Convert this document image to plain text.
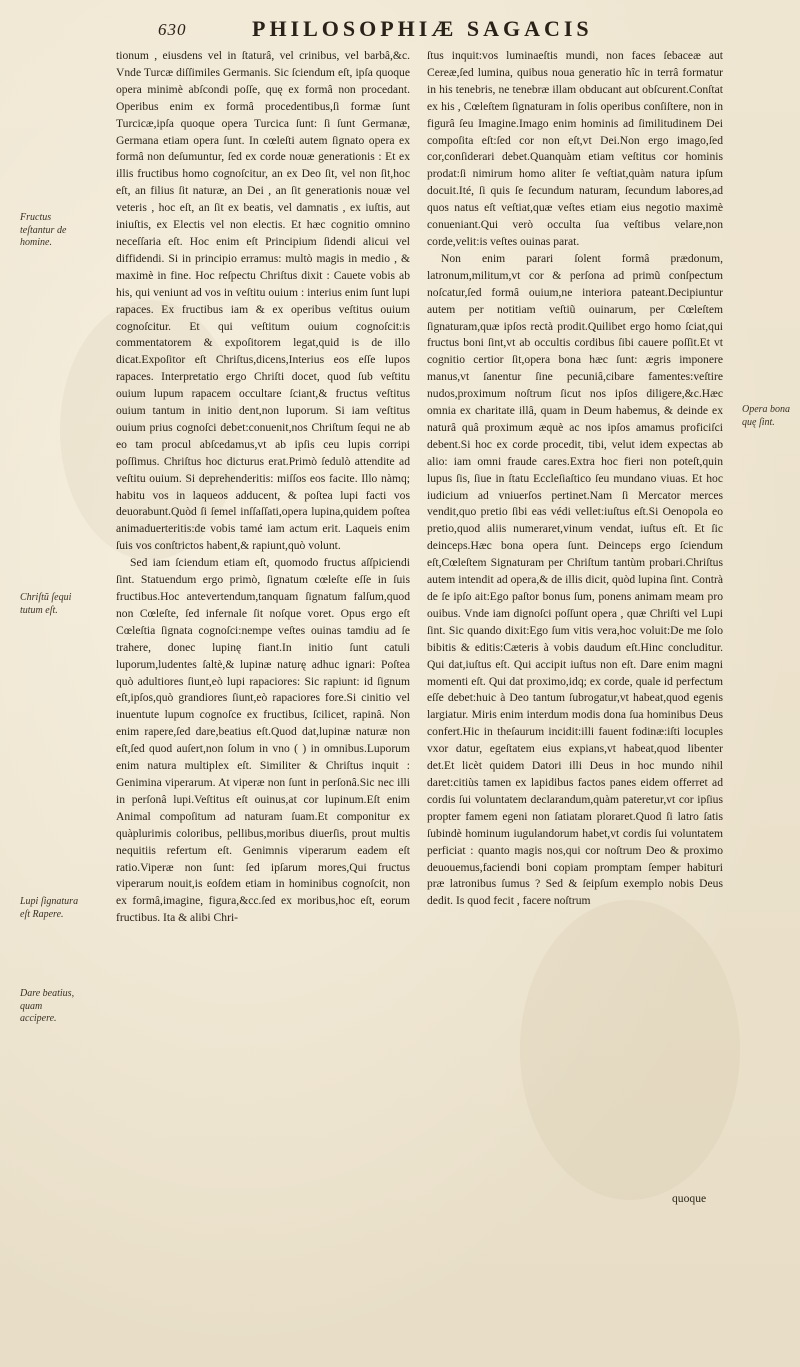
630	PHILOSOPHIÆ SAGACIS

tionum , eiusdens vel in ſtaturâ, vel crinibus, vel barbâ,&c. Vnde Turcæ diſſimiles Germanis. Sic ſciendum eſt, ipſa quoque opera minimè abſcondi poſſe, quę ex formâ non procedant. Operibus enim ex formâ procedentibus,ſi formæ ſunt Turcicæ,ipſa quoque opera Turcica ſunt: ſi ſunt Germanæ, Germana etiam opera ſunt. In cœleſti autem ſignato opera ex formâ non deſumuntur, ſed ex corde nouæ generationis : Et ex illis fructibus homo cognoſcitur, an ex Deo ſit, vel non ſit,hoc eſt, an filius ſit naturæ, an Dei , an ſit generationis nouæ vel veteris , hoc eſt, an ſit ex beatis, vel damnatis , ex iuſtis, aut iniuſtis, ex Electis vel non electis. Et hæc cognitio omnino neceſſaria eſt. Hoc enim eſt Principium ſidendi alicui vel diffidendi. Si in principio erramus: multò magis in medio , & maximè in fine. Hoc reſpectu Chriſtus dixit : Cauete vobis ab his, qui veniunt ad vos in veſtitu ouium : interius enim ſunt lupi rapaces. Ex fructibus iam & ex operibus veſtitus ouium cognoſcitur. Et qui veſtitum ouium cognoſcit:is commentatorem & expoſitorem legat,quid is de illo dicat.Expoſitor eſt Chriſtus,dicens,Interius eos eſſe lupos rapaces. Interpretatio ergo Chriſti docet, quod ſub veſtitu ouium lupum rapacem occultare ſciant,& fructus veſtitus ouium tantum in initio dent,non luporum. Si iam veſtitus ouium prius cognoſci debet:conuenit,nos Chriſtum ſequi ne ab eo tam procul abſcedamus,vt ab ipſis ceu lupis corripi poſſimus. Chriſtus hoc dicturus erat.Primò ſedulò attendite ad veſtitu ouium. Si deprehenderitis: miſſos eos facite. Illo nàmq; habitu vos in laqueos adducent, & poſtea lupi facti vos deuorabunt.Quòd ſi ſemel inſſaſſati,opera lupina,quidem poſtea animaduerteritis:de vobis tamé iam actum erit. Laqueis enim ſuis vos conſtrictos habent,& rapiunt,quò volunt.

Sed iam ſciendum etiam eſt, quomodo fructus aſſpiciendi ſint. Statuendum ergo primò, ſignatum cœleſte eſſe in ſuis fructibus.Hoc antevertendum,tanquam ſignatum falſum,quod non Cœleſte, ſed infernale ſit noſque voret. Opus ergo eſt Cœleſtia ſignata cognoſci:nempe veſtes ouinas tamdiu ad ſe trahere, donec lupinę fiant.In initio ſunt catuli luporum,ludentes ſaltè,& lupinæ naturę adhuc ignari: Poſtea quò adultiores ſiunt,eò lupi rapaciores: Sic rapiunt: id ſignum eſt,ipſos,quò grandiores ſiunt,eò rapaciores fore.Si cinitio vel inuentute lupum cognoſce ex fructibus, ſcilicet, rapinâ. Non enim rapere,ſed dare,beatius eſt.Quod dat,lupinæ naturæ non eſt,ſed quod auſert,non ſolum in vno ( ) in omnibus.Luporum enim natura multiplex eſt. Similiter & Chriſtus inquit : Genimina viperarum. At viperæ non ſunt in perſonâ.Sic nec illi in perſonâ lupi.Veſtitus eſt ouinus,at cor lupinum.Eſt enim Animal compoſitum ad naturam ſuam.Et componitur ex quàplurimis coloribus, pellibus,moribus diuerſis, prout multis nequitiis refertum eſt. Genimnis viperarum eadem eſt ratio.Viperæ non ſunt: ſed ipſarum mores,Qui fructus viperarum nouit,is eoſdem etiam in hominibus cognoſcit, non ex formâ,imagine, figura,&cc.ſed ex moribus,hoc eſt, eorum fructibus. Ita & alibi Chri-

ſtus inquit:vos luminaeſtis mundi, non faces ſebaceæ aut Cereæ,ſed lumina, quibus noua generatio hîc in terrâ formatur in his tenebris, ne tenebræ illam obducant aut obſcurent.Conſtat ex his , Cœleſtem ſignaturam in ſolis operibus conſiſtere, non in figurâ ſeu Imagine.Imago enim hominis ad ſimilitudinem Dei compoſita eſt:ſed cor non eſt,vt Dei.Non ergo imago,ſed cor,conſiderari debet.Quanquàm etiam veſtitus cor hominis prodat:ſi nimirum homo aliter ſe veſtiat,quàm natura ipſum docuit.Ité, ſi quis ſe ſecundum naturam, ſecundum labores,ad quos natus eſt veſtiat,quæ veſtes etiam eius negotio maximè conueniant.Qui verò occulta ſua veſtibus velare,non corde,velit:is veſtes ouinas parat.

Non enim parari ſolent formâ prædonum, latronum,militum,vt cor & perſona ad primũ conſpectum noſcatur,ſed formâ ouium,ne interiora pateant.Decipiuntur autem per notitiam veſtiũ ouinarum, per Cœleſtem ſignaturam,quæ ipſos rectà prodit.Quilibet ergo homo ſciat,qui fructus boni ſint,vt ab occultis cordibus ſibi cauere poſſit.Et vt cognitio certior ſit,opera bona hæc ſunt: ægris imponere manus,vt ſanentur ſine pecuniâ,cibare famentes:veſtire nudos,proximum noſtrum ſicut nos ipſos diligere,&c.Hæc omnia ex charitate illâ, quam in Deum habemus, & deinde ex naturâ quâ proximum æquè ac nos ipſos amamus proficiſci debent.Si hoc ex corde procedit, tibi, velut idem expectas ab alio: iam omni fraude cares.Extra hoc fieri non poteſt,quin lupus ſis, ſiue in ſtatu Eccleſiaſtico ſeu mundano viuas. Et hoc iudicium ad vniuerſos pertinet.Nam ſi Mercator merces vendit,quo pretio ſibi eas védi vellet:iuſtus eſt.Si Oenopola eo pretio,quod aliis numeraret,vinum vendat, iuſtus eſt. Et ſic deinceps.Hæc bona opera ſunt. Deinceps ergo ſciendum eſt,Cœleſtem Signaturam per Chriſtum tantùm probari.Chriſtus autem intendit ad opera,& de illis dicit, quòd lupina ſint. Contrà de ſe ipſo ait:Ego paſtor bonus ſum, ponens animam meam pro ouibus. Vnde iam dignoſci poſſunt opera , quæ Chriſti vel Lupi ſint. Sic quando dixit:Ego ſum vitis vera,hoc voluit:De me ſolo bibitis & editis:Cæteris à vobis daudum eſt.Hinc concluditur. Qui dat,iuſtus eſt. Qui accipit iuſtus non eſt. Dare enim magni momenti eſt. Qui dat proximo,idq; ex corde, quale id perfectum eſſe debet:huic à Deo tantum ſubrogatur,vt habeat,quod egenis largiatur. Miris enim interdum modis dona ſua hominibus Deus confert.Hic in theſaurum incidit:illi fauent fodinæ:iſti locuples vxor datur, egeſtatem eius expians,vt habeat,quod libenter det.Et licèt quidem Datori illi Deus in hoc mundo nihil daret:citiùs tamen ex lapidibus factos panes eidem offerret ad cordis ſui voluntatem declarandum,quàm pateretur,vt cor ipſius propter famem egeni non ſatiatam ploraret.Quod ſi latro ſatis ſubindè hominum iugulandorum habet,vt cordis ſui voluntatem perficiat : quanto magis nos,qui cor noſtrum Deo & proximo deuouemus,faciendi boni copiam promptam ſemper habituri præ latronibus ſumus ? Sed & ſeipſum exemplo nobis Deus dedit. Is quod fecit , facere noſtrum

Fructus teſtantur de homine.
Chriſtũ ſequi tutum eſt.
Lupi ſignatura eſt Rapere.
Dare beatius, quam accipere.
Opera bona quę ſint.
quoque
